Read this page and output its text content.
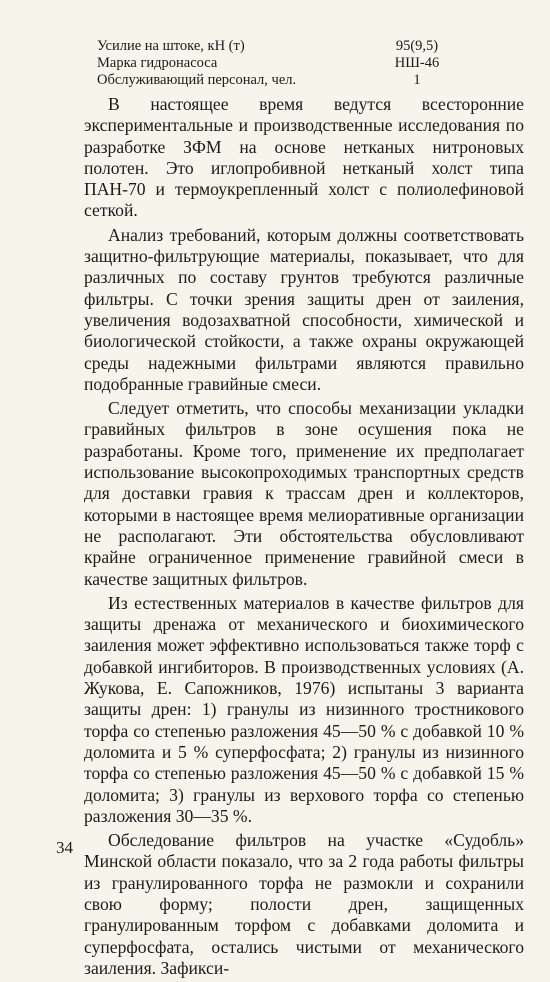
Усилие на штоке, кН (т)	95(9,5)
Марка гидронасоса	НШ-46
Обслуживающий персонал, чел.	1

В настоящее время ведутся всесторонние экспериментальные и производственные исследования по разработке ЗФМ на основе нетканых нитроновых полотен. Это иглопробивной нетканый холст типа ПАН-70 и термоукрепленный холст с полиолефиновой сеткой.

Анализ требований, которым должны соответствовать защитно-фильтрующие материалы, показывает, что для различных по составу грунтов требуются различные фильтры. С точки зрения защиты дрен от заиления, увеличения водозахватной способности, химической и биологической стойкости, а также охраны окружающей среды надежными фильтрами являются правильно подобранные гравийные смеси.

Следует отметить, что способы механизации укладки гравийных фильтров в зоне осушения пока не разработаны. Кроме того, применение их предполагает использование высокопроходимых транспортных средств для доставки гравия к трассам дрен и коллекторов, которыми в настоящее время мелиоративные организации не располагают. Эти обстоятельства обусловливают крайне ограниченное применение гравийной смеси в качестве защитных фильтров.

Из естественных материалов в качестве фильтров для защиты дренажа от механического и биохимического заиления может эффективно использоваться также торф с добавкой ингибиторов. В производственных условиях (А. Жукова, Е. Сапожников, 1976) испытаны 3 варианта защиты дрен: 1) гранулы из низинного тростникового торфа со степенью разложения 45—50 % с добавкой 10 % доломита и 5 % суперфосфата; 2) гранулы из низинного торфа со степенью разложения 45—50 % с добавкой 15 % доломита; 3) гранулы из верхового торфа со степенью разложения 30—35 %.

Обследование фильтров на участке «Судобль» Минской области показало, что за 2 года работы фильтры из гранулированного торфа не размокли и сохранили свою форму; полости дрен, защищенных гранулированным торфом с добавками доломита и суперфосфата, остались чистыми от механического заиления. Зафикси-

34
